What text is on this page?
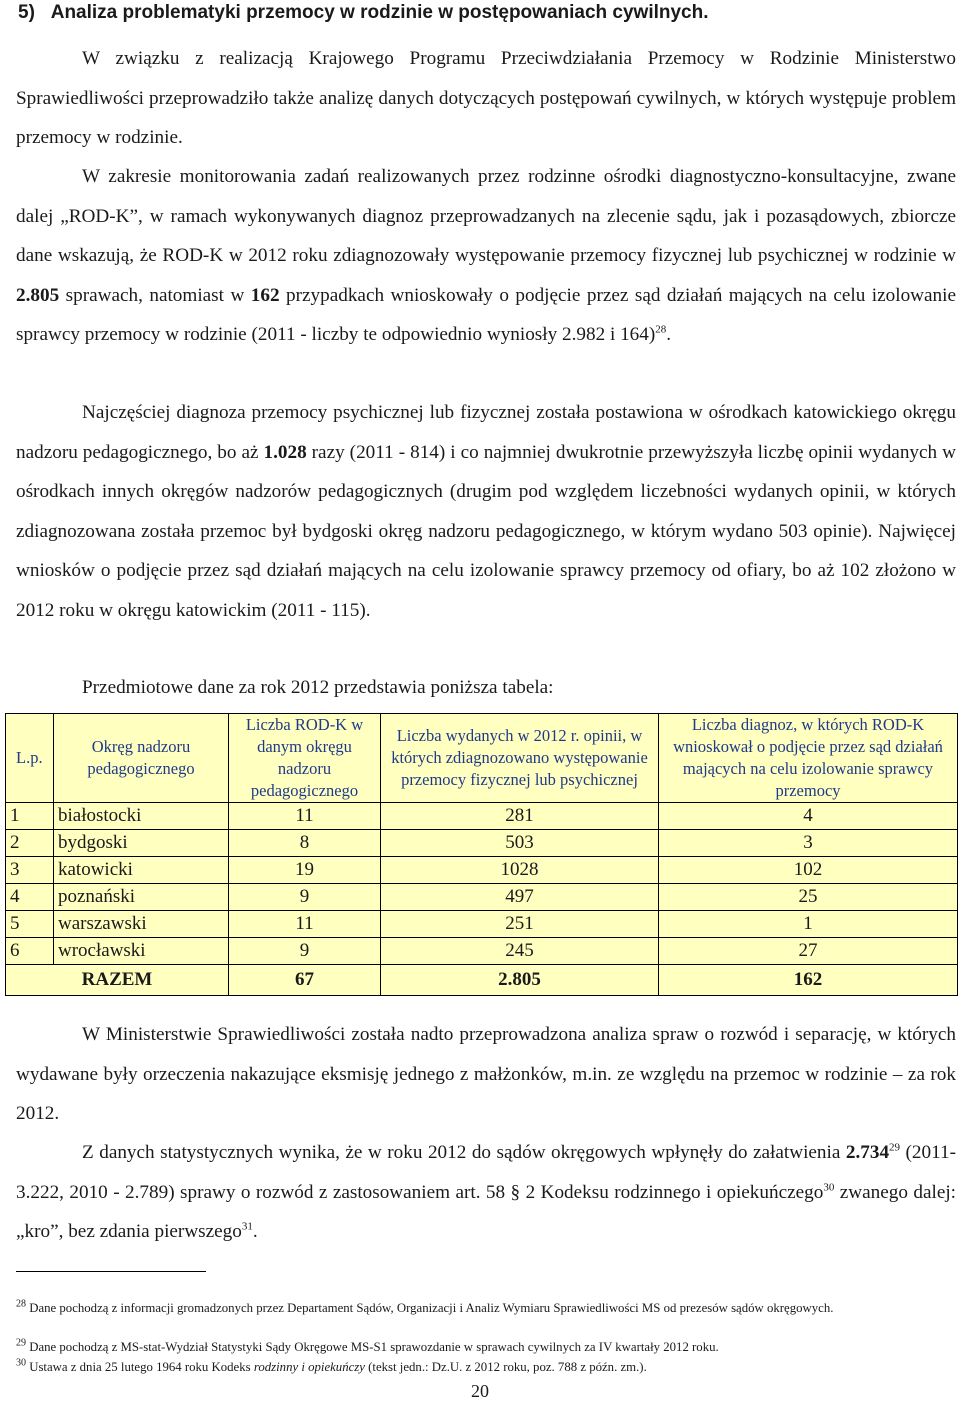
5)   Analiza problematyki przemocy w rodzinie w postępowaniach cywilnych.
W związku z realizacją Krajowego Programu Przeciwdziałania Przemocy w Rodzinie Ministerstwo Sprawiedliwości przeprowadziło także analizę danych dotyczących postępowań cywilnych, w których występuje problem przemocy w rodzinie.
W zakresie monitorowania zadań realizowanych przez rodzinne ośrodki diagnostyczno-konsultacyjne, zwane dalej „ROD-K”, w ramach wykonywanych diagnoz przeprowadzanych na zlecenie sądu, jak i pozasądowych, zbiorcze dane wskazują, że ROD-K w 2012 roku zdiagnozowały występowanie przemocy fizycznej lub psychicznej w rodzinie w 2.805 sprawach, natomiast w 162 przypadkach wnioskowały o podjęcie przez sąd działań mających na celu izolowanie sprawcy przemocy w rodzinie (2011 - liczby te odpowiednio wyniosły 2.982 i 164)$^{28}$.
Najczęściej diagnoza przemocy psychicznej lub fizycznej została postawiona w ośrodkach katowickiego okręgu nadzoru pedagogicznego, bo aż 1.028 razy (2011 - 814) i co najmniej dwukrotnie przewyższyła liczbę opinii wydanych w ośrodkach innych okręgów nadzorów pedagogicznych (drugim pod względem liczebności wydanych opinii, w których zdiagnozowana została przemoc był bydgoski okręg nadzoru pedagogicznego, w którym wydano 503 opinie). Najwięcej wniosków o podjęcie przez sąd działań mających na celu izolowanie sprawcy przemocy od ofiary, bo aż 102 złożono w 2012 roku w okręgu katowickim (2011 - 115).
Przedmiotowe dane za rok 2012 przedstawia poniższa tabela:
L.p.	Okręg nadzoru pedagogicznego	Liczba ROD-K w danym okręgu nadzoru pedagogicznego	Liczba wydanych w 2012 r. opinii, w których zdiagnozowano występowanie przemocy fizycznej lub psychicznej	Liczba diagnoz, w których ROD-K wnioskował o podjęcie przez sąd działań mających na celu izolowanie sprawcy przemocy
1	białostocki	11	281	4
2	bydgoski	8	503	3
3	katowicki	19	1028	102
4	poznański	9	497	25
5	warszawski	11	251	1
6	wrocławski	9	245	27
RAZEM		67	2.805	162
W Ministerstwie Sprawiedliwości została nadto przeprowadzona analiza spraw o rozwód i separację, w których wydawane były orzeczenia nakazujące eksmisję jednego z małżonków, m.in. ze względu na przemoc w rodzinie – za rok 2012.
Z danych statystycznych wynika, że w roku 2012 do sądów okręgowych wpłynęły do załatwienia 2.734$^{29}$ (2011- 3.222, 2010 - 2.789) sprawy o rozwód z zastosowaniem art. 58 § 2 Kodeksu rodzinnego i opiekuńczego$^{30}$ zwanego dalej: „kro”, bez zdania pierwszego$^{31}$.
$^{28}$ Dane pochodzą z informacji gromadzonych przez Departament Sądów, Organizacji i Analiz Wymiaru Sprawiedliwości MS od prezesów sądów okręgowych.
$^{29}$ Dane pochodzą z MS-stat-Wydział Statystyki Sądy Okręgowe MS-S1 sprawozdanie w sprawach cywilnych za IV kwartały 2012 roku.
$^{30}$ Ustawa z dnia 25 lutego 1964 roku Kodeks rodzinny i opiekuńczy (tekst jedn.: Dz.U. z 2012 roku, poz. 788 z późn. zm.).
20
